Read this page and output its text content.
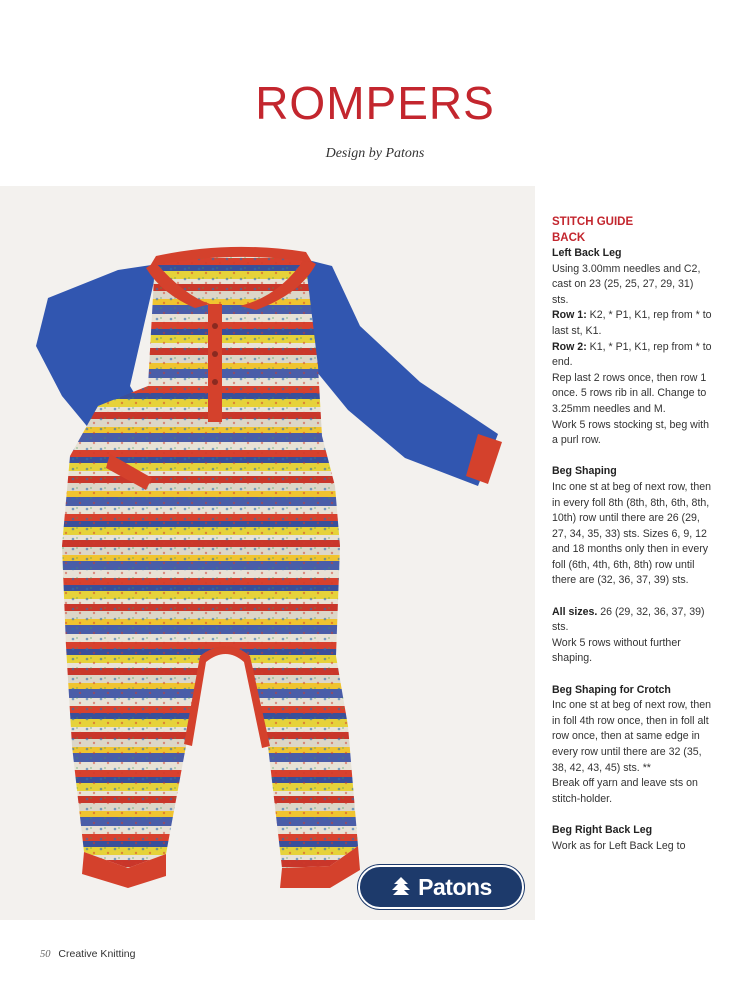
ROMPERS
Design by Patons
Patons

STITCH GUIDE

BACK

Left Back Leg

Using 3.00mm needles and C2, cast on 23 (25, 25, 27, 29, 31) sts.

Row 1: K2, * P1, K1, rep from * to last st, K1.

Row 2: K1, * P1, K1, rep from * to end.

Rep last 2 rows once, then row 1 once. 5 rows rib in all. Change to 3.25mm needles and M.

Work 5 rows stocking st, beg with a purl row.

Beg Shaping

Inc one st at beg of next row, then in every foll 8th (8th, 8th, 6th, 8th, 10th) row until there are 26 (29, 27, 34, 35, 33) sts. Sizes 6, 9, 12 and 18 months only then in every foll (6th, 4th, 6th, 8th) row until there are (32, 36, 37, 39) sts.

All sizes. 26 (29, 32, 36, 37, 39) sts.

Work 5 rows without further shaping.

Beg Shaping for Crotch

Inc one st at beg of next row, then in foll 4th row once, then in foll alt row once, then at same edge in every row until there are 32 (35, 38, 42, 43, 45) sts. **

Break off yarn and leave sts on stitch-holder.

Beg Right Back Leg

Work as for Left Back Leg to

50 Creative Knitting
